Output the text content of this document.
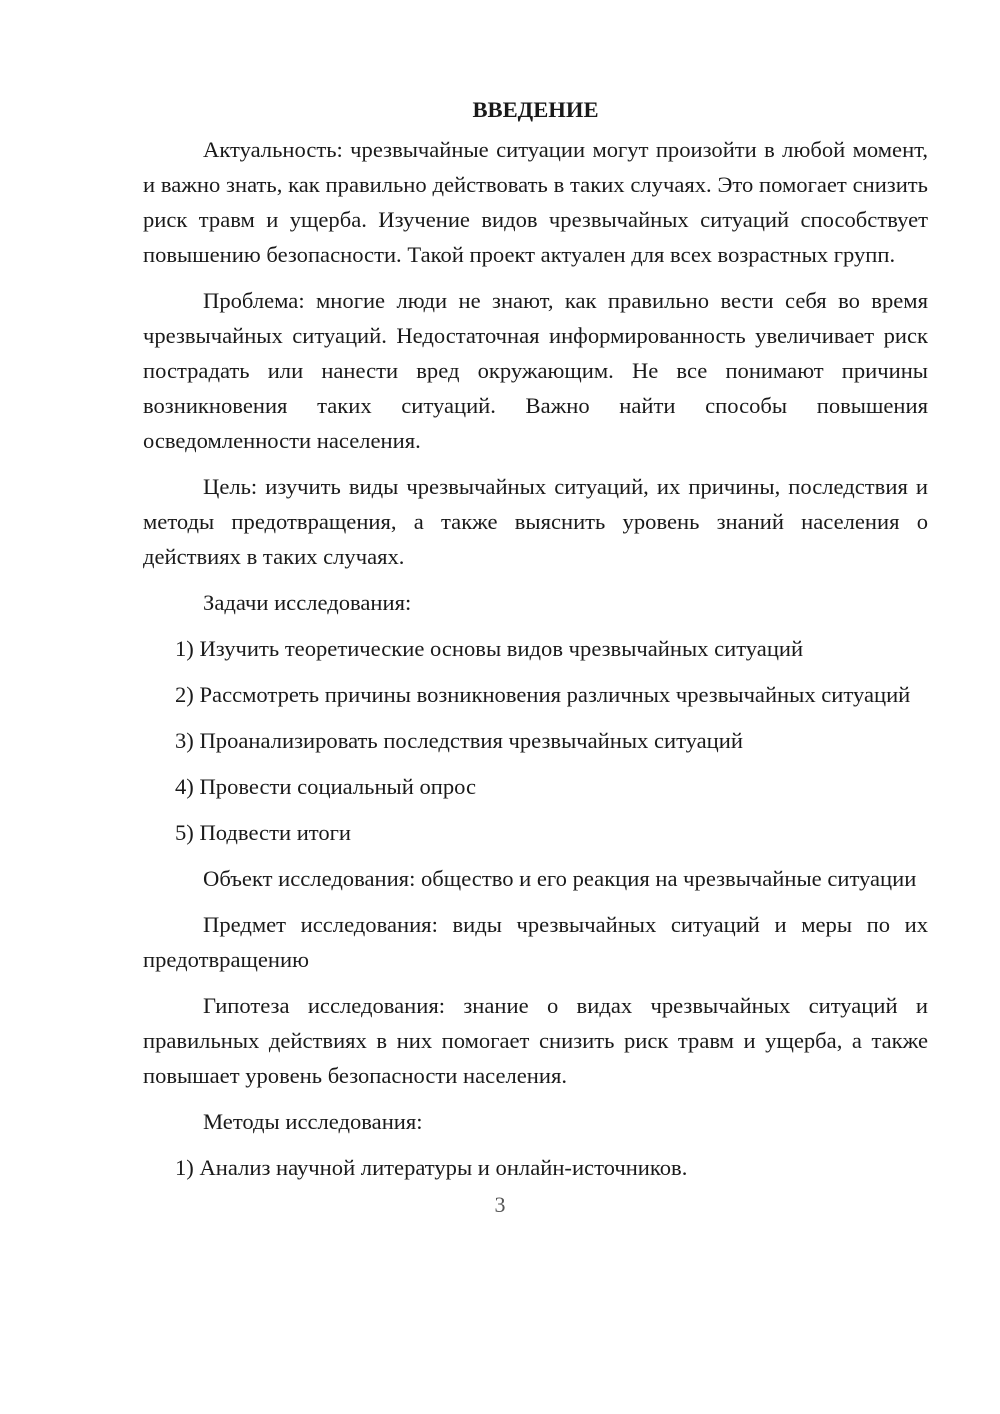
ВВЕДЕНИЕ

Актуальность: чрезвычайные ситуации могут произойти в любой момент, и важно знать, как правильно действовать в таких случаях. Это помогает снизить риск травм и ущерба. Изучение видов чрезвычайных ситуаций способствует повышению безопасности. Такой проект актуален для всех возрастных групп.

Проблема: многие люди не знают, как правильно вести себя во время чрезвычайных ситуаций. Недостаточная информированность увеличивает риск пострадать или нанести вред окружающим. Не все понимают причины возникновения таких ситуаций. Важно найти способы повышения осведомленности населения.

Цель: изучить виды чрезвычайных ситуаций, их причины, последствия и методы предотвращения, а также выяснить уровень знаний населения о действиях в таких случаях.

Задачи исследования:

1) Изучить теоретические основы видов чрезвычайных ситуаций

2) Рассмотреть причины возникновения различных чрезвычайных ситуаций

3) Проанализировать последствия чрезвычайных ситуаций

4) Провести социальный опрос

5) Подвести итоги

Объект исследования: общество и его реакция на чрезвычайные ситуации

Предмет исследования: виды чрезвычайных ситуаций и меры по их предотвращению

Гипотеза исследования: знание о видах чрезвычайных ситуаций и правильных действиях в них помогает снизить риск травм и ущерба, а также повышает уровень безопасности населения.

Методы исследования:

1) Анализ научной литературы и онлайн-источников.

3
